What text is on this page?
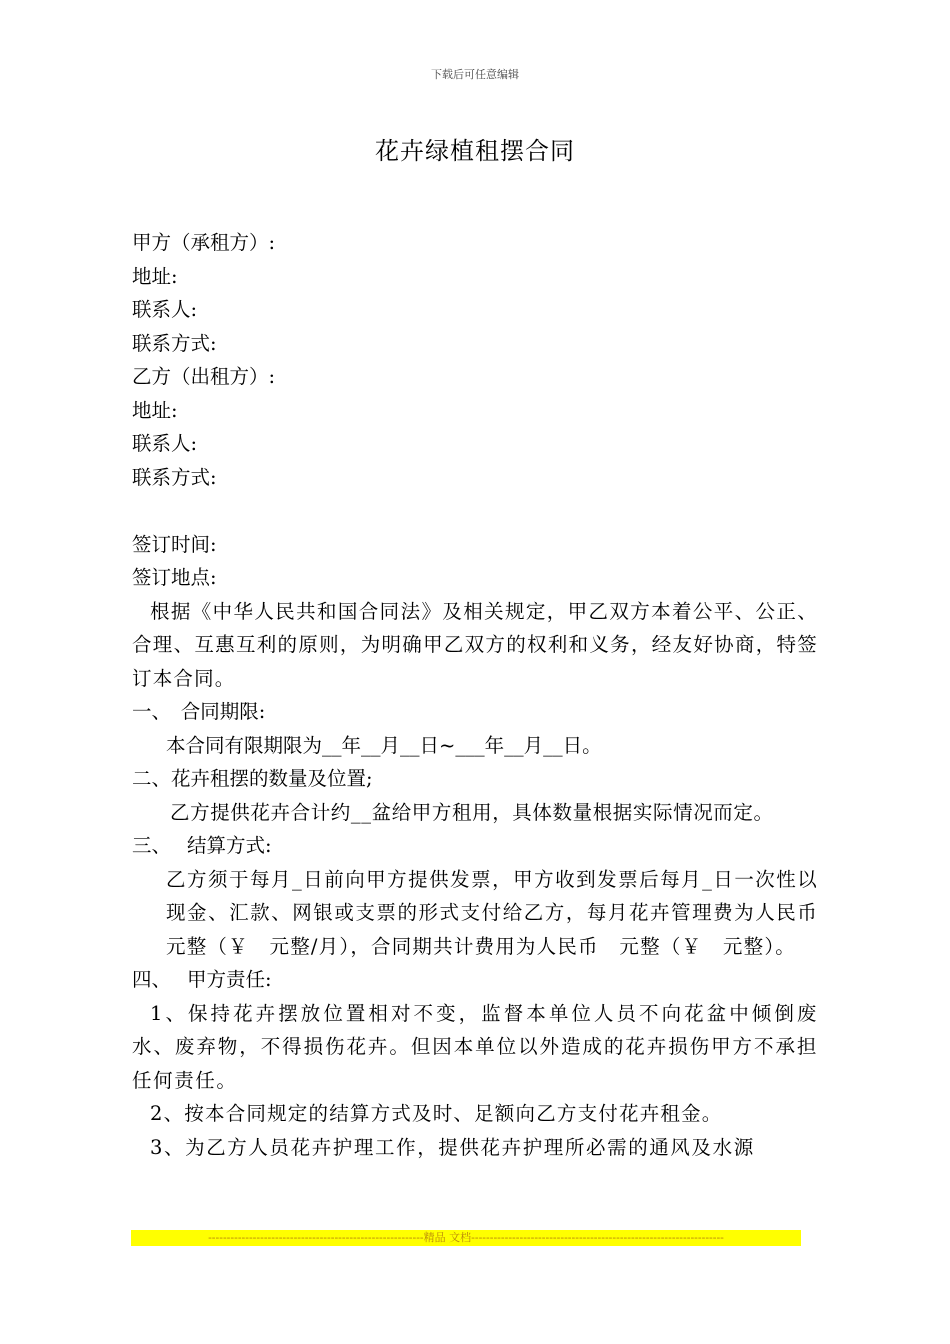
下载后可任意编辑
花卉绿植租摆合同
甲方（承租方）:
地址:
联系人:
联系方式:
乙方（出租方）:
地址:
联系人:
联系方式:
签订时间:
签订地点:
根据《中华人民共和国合同法》及相关规定，甲乙双方本着公平、公正、合理、互惠互利的原则，为明确甲乙双方的权利和义务，经友好协商，特签订本合同。
一、　合同期限:
本合同有限期限为__年__月__日~___年__月__日。
二、花卉租摆的数量及位置;
乙方提供花卉合计约__盆给甲方租用，具体数量根据实际情况而定。
三、　 结算方式:
乙方须于每月_日前向甲方提供发票，甲方收到发票后每月_日一次性以现金、汇款、网银或支票的形式支付给乙方，每月花卉管理费为人民币　 元整（￥　元整/月），合同期共计费用为人民币　元整（￥　元整）。
四、　 甲方责任:
1、保持花卉摆放位置相对不变，监督本单位人员不向花盆中倾倒废水、废弃物，不得损伤花卉。但因本单位以外造成的花卉损伤甲方不承担任何责任。
2、按本合同规定的结算方式及时、足额向乙方支付花卉租金。
3、为乙方人员花卉护理工作，提供花卉护理所必需的通风及水源
----------------------------------------------------------精品 文档--------------------------------------------------------------------
